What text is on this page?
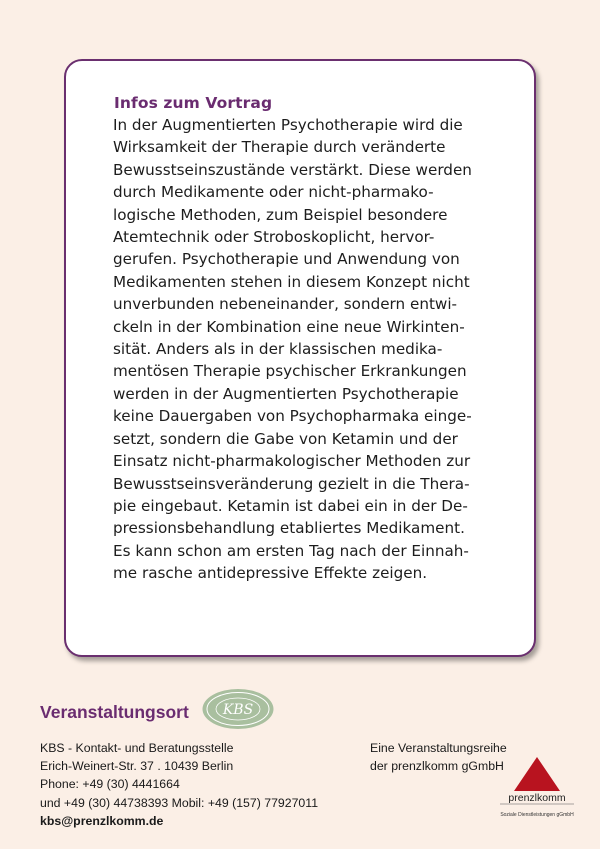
Infos zum Vortrag
In der Augmentierten Psychotherapie wird die
Wirksamkeit der Therapie durch veränderte
Bewusstseinszustände verstärkt. Diese werden
durch Medikamente oder nicht-pharmako-
logische Methoden, zum Beispiel besondere
Atemtechnik oder Stroboskoplicht, hervor-
gerufen. Psychotherapie und Anwendung von
Medikamenten stehen in diesem Konzept nicht
unverbunden nebeneinander, sondern entwi-
ckeln in der Kombination eine neue Wirkinten-
sität. Anders als in der klassischen medika-
mentösen Therapie psychischer Erkrankungen
werden in der Augmentierten Psychotherapie
keine Dauergaben von Psychopharmaka einge-
setzt, sondern die Gabe von Ketamin und der
Einsatz nicht-pharmakologischer Methoden zur
Bewusstseinsveränderung gezielt in die Thera-
pie eingebaut. Ketamin ist dabei ein in der De-
pressionsbehandlung etabliertes Medikament.
Es kann schon am ersten Tag nach der Einnah-
me rasche antidepressive Effekte zeigen.
Veranstaltungsort KBS
KBS - Kontakt- und Beratungsstelle
Erich-Weinert-Str. 37 . 10439 Berlin
Phone: +49 (30) 4441664
und +49 (30) 44738393 Mobil: +49 (157) 77927011
kbs@prenzlkomm.de
Eine Veranstaltungsreihe
der prenzlkomm gGmbH
prenzlkomm
Soziale Dienstleistungen gGmbH
